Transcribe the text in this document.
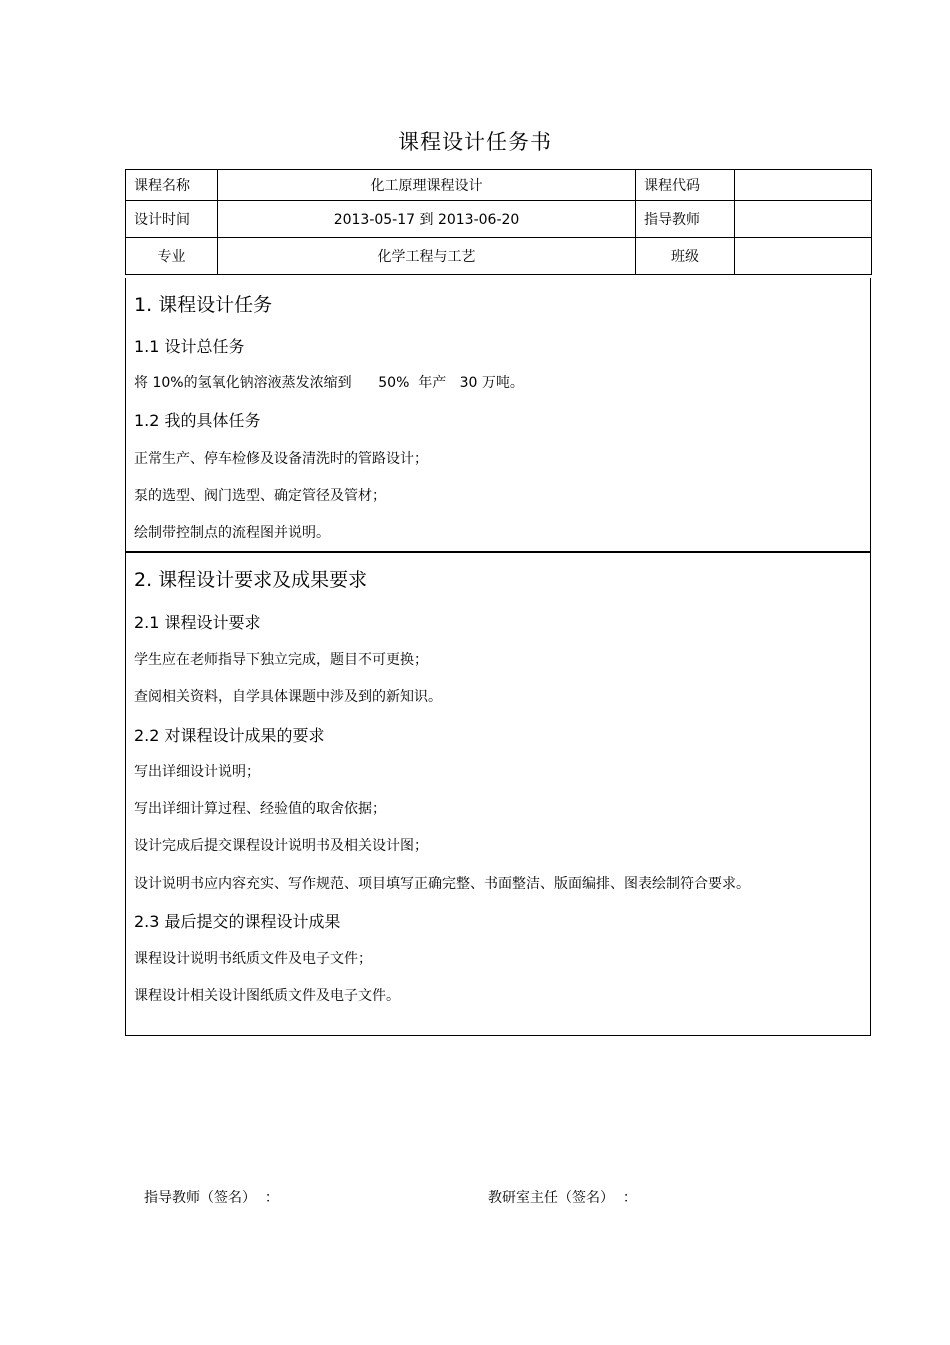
课程设计任务书
课程名称	化工原理课程设计	课程代码	
设计时间	2013-05-17 到 2013-06-20	指导教师	
专业	化学工程与工艺	班级	
1. 课程设计任务
1.1 设计总任务
将 10%的氢氧化钠溶液蒸发浓缩到      50%  年产   30 万吨。
1.2 我的具体任务
正常生产、停车检修及设备清洗时的管路设计；
泵的选型、阀门选型、确定管径及管材；
绘制带控制点的流程图并说明。
2. 课程设计要求及成果要求
2.1 课程设计要求
学生应在老师指导下独立完成，题目不可更换；
查阅相关资料，自学具体课题中涉及到的新知识。
2.2 对课程设计成果的要求
写出详细设计说明；
写出详细计算过程、经验值的取舍依据；
设计完成后提交课程设计说明书及相关设计图；
设计说明书应内容充实、写作规范、项目填写正确完整、书面整洁、版面编排、图表绘制符合要求。
2.3 最后提交的课程设计成果
课程设计说明书纸质文件及电子文件；
课程设计相关设计图纸质文件及电子文件。
指导教师（签名）  ：	教研室主任（签名）  ：
